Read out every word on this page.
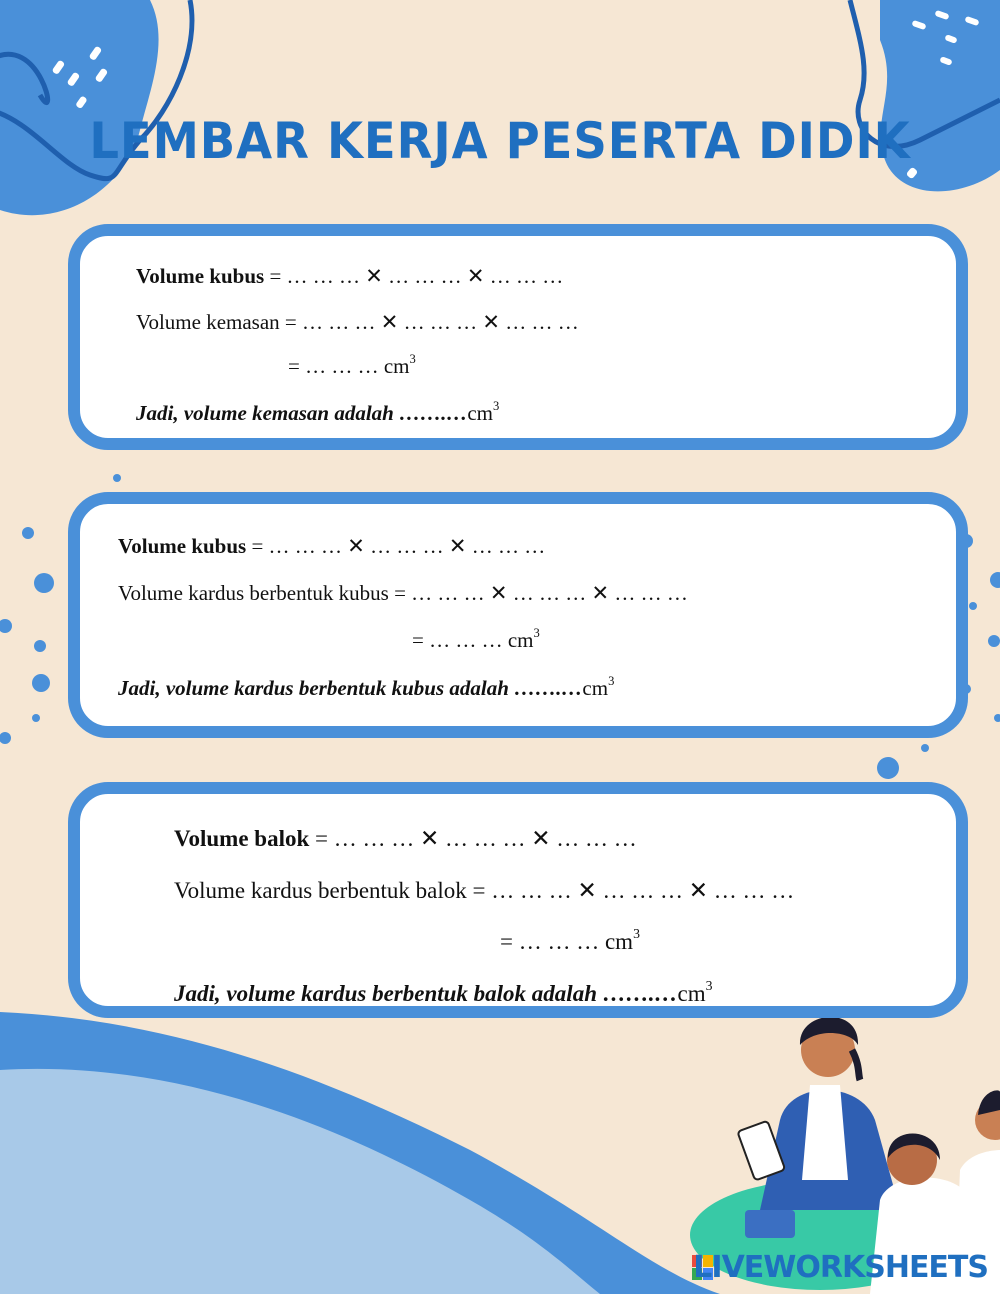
LEMBAR KERJA PESERTA DIDIK
Volume kubus = … … … ✕ … … … ✕ … … …
Volume kemasan = … … … ✕ … … … ✕ … … …
= … … … $cm^3$
Jadi, volume kemasan adalah $\dots\dots.\dots cm^3$
Volume kubus = … … … ✕ … … … ✕ … … …
Volume kardus berbentuk kubus = … … … ✕ … … … ✕ … … …
= … … … $cm^3$
Jadi, volume kardus berbentuk kubus adalah $\dots\dots.\dots cm^3$
Volume balok = … … … ✕ … … … ✕ … … …
Volume kardus berbentuk balok = … … … ✕ … … … ✕ … … …
= … … … $cm^3$
Jadi, volume kardus berbentuk balok adalah $\dots\dots.\dots cm^3$
LIVEWORKSHEETS
